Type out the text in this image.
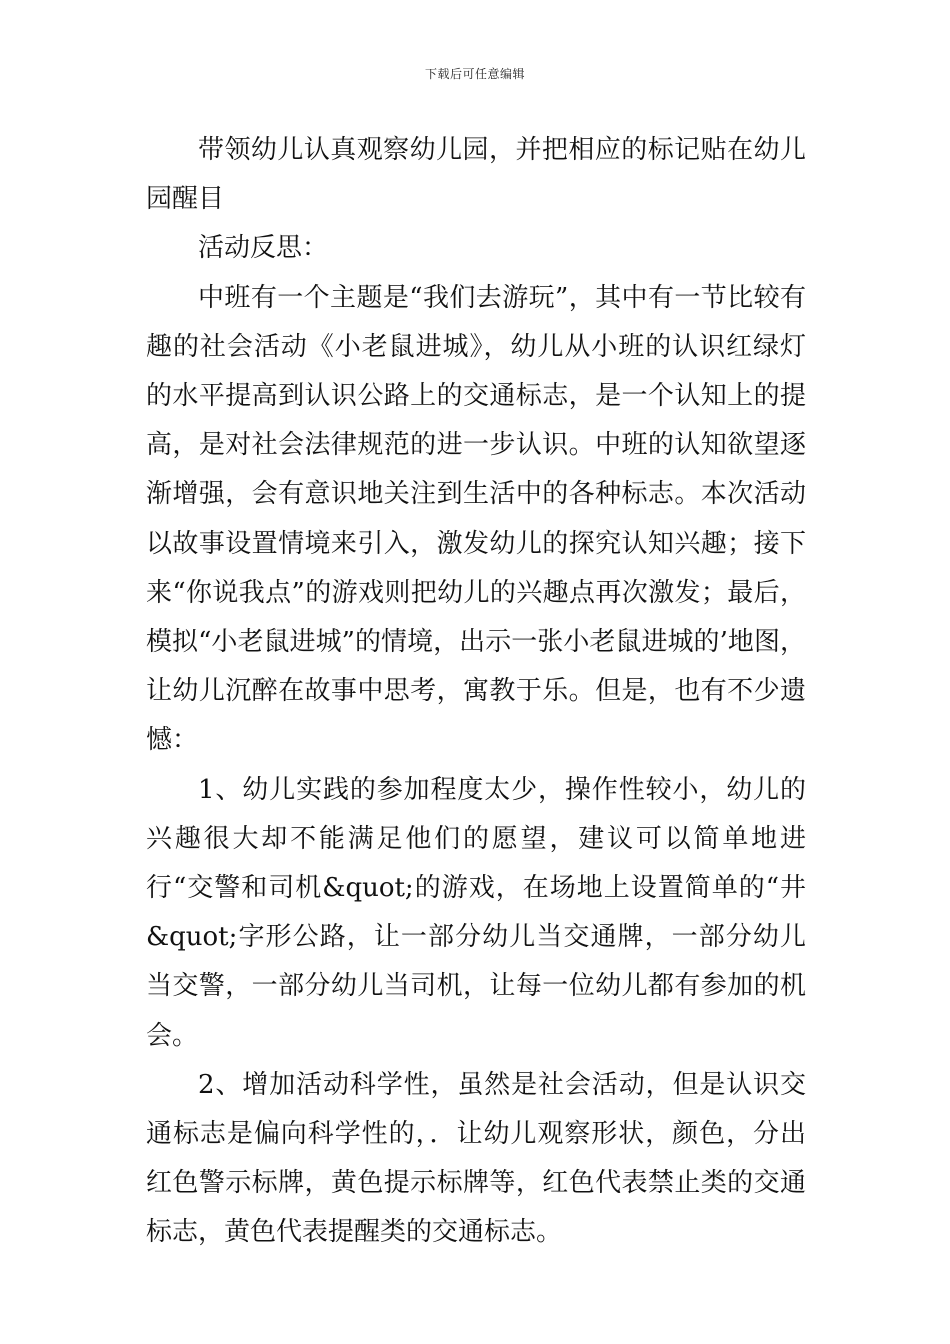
下载后可任意编辑

带领幼儿认真观察幼儿园，并把相应的标记贴在幼儿园醒目

活动反思：

中班有一个主题是“我们去游玩”，其中有一节比较有趣的社会活动《小老鼠进城》，幼儿从小班的认识红绿灯的水平提高到认识公路上的交通标志，是一个认知上的提高，是对社会法律规范的进一步认识。中班的认知欲望逐渐增强，会有意识地关注到生活中的各种标志。本次活动以故事设置情境来引入，激发幼儿的探究认知兴趣；接下来“你说我点”的游戏则把幼儿的兴趣点再次激发；最后，模拟“小老鼠进城”的情境，出示一张小老鼠进城的’地图，让幼儿沉醉在故事中思考，寓教于乐。但是，也有不少遗憾：

1、幼儿实践的参加程度太少，操作性较小，幼儿的兴趣很大却不能满足他们的愿望，建议可以简单地进行“交警和司机&quot;的游戏，在场地上设置简单的“井&quot;字形公路，让一部分幼儿当交通牌，一部分幼儿当交警，一部分幼儿当司机，让每一位幼儿都有参加的机会。

2、增加活动科学性，虽然是社会活动，但是认识交通标志是偏向科学性的，．让幼儿观察形状，颜色，分出红色警示标牌，黄色提示标牌等，红色代表禁止类的交通标志，黄色代表提醒类的交通标志。
